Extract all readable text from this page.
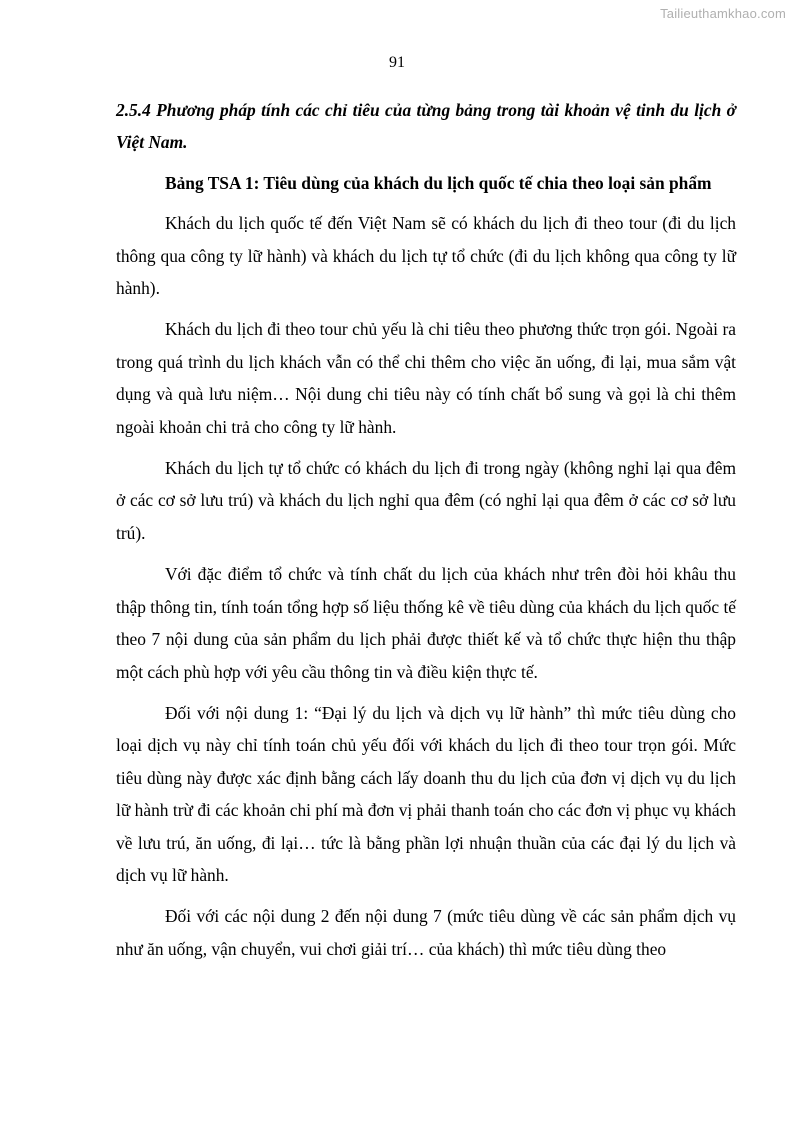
Tailieuthamkhao.com
91

2.5.4 Phương pháp tính các chỉ tiêu của từng bảng trong tài khoản vệ tinh du lịch ở Việt Nam.

Bảng TSA 1: Tiêu dùng của khách du lịch quốc tế chia theo loại sản phẩm

Khách du lịch quốc tế đến Việt Nam sẽ có khách du lịch đi theo tour (đi du lịch thông qua công ty lữ hành) và khách du lịch tự tổ chức (đi du lịch không qua công ty lữ hành).

Khách du lịch đi theo tour chủ yếu là chi tiêu theo phương thức trọn gói. Ngoài ra trong quá trình du lịch khách vẫn có thể chi thêm cho việc ăn uống, đi lại, mua sắm vật dụng và quà lưu niệm… Nội dung chi tiêu này có tính chất bổ sung và gọi là chi thêm ngoài khoản chi trả cho công ty lữ hành.

Khách du lịch tự tổ chức có khách du lịch đi trong ngày (không nghỉ lại qua đêm ở các cơ sở lưu trú) và khách du lịch nghỉ qua đêm (có nghỉ lại qua đêm ở các cơ sở lưu trú).

Với đặc điểm tổ chức và tính chất du lịch của khách như trên đòi hỏi khâu thu thập thông tin, tính toán tổng hợp số liệu thống kê về tiêu dùng của khách du lịch quốc tế theo 7 nội dung của sản phẩm du lịch phải được thiết kế và tổ chức thực hiện thu thập một cách phù hợp với yêu cầu thông tin và điều kiện thực tế.

Đối với nội dung 1: “Đại lý du lịch và dịch vụ lữ hành” thì mức tiêu dùng cho loại dịch vụ này chỉ tính toán chủ yếu đối với khách du lịch đi theo tour trọn gói. Mức tiêu dùng này được xác định bằng cách lấy doanh thu du lịch của đơn vị dịch vụ du lịch lữ hành trừ đi các khoản chi phí mà đơn vị phải thanh toán cho các đơn vị phục vụ khách về lưu trú, ăn uống, đi lại… tức là bằng phần lợi nhuận thuần của các đại lý du lịch và dịch vụ lữ hành.

Đối với các nội dung 2 đến nội dung 7 (mức tiêu dùng về các sản phẩm dịch vụ như ăn uống, vận chuyển, vui chơi giải trí… của khách) thì mức tiêu dùng theo
